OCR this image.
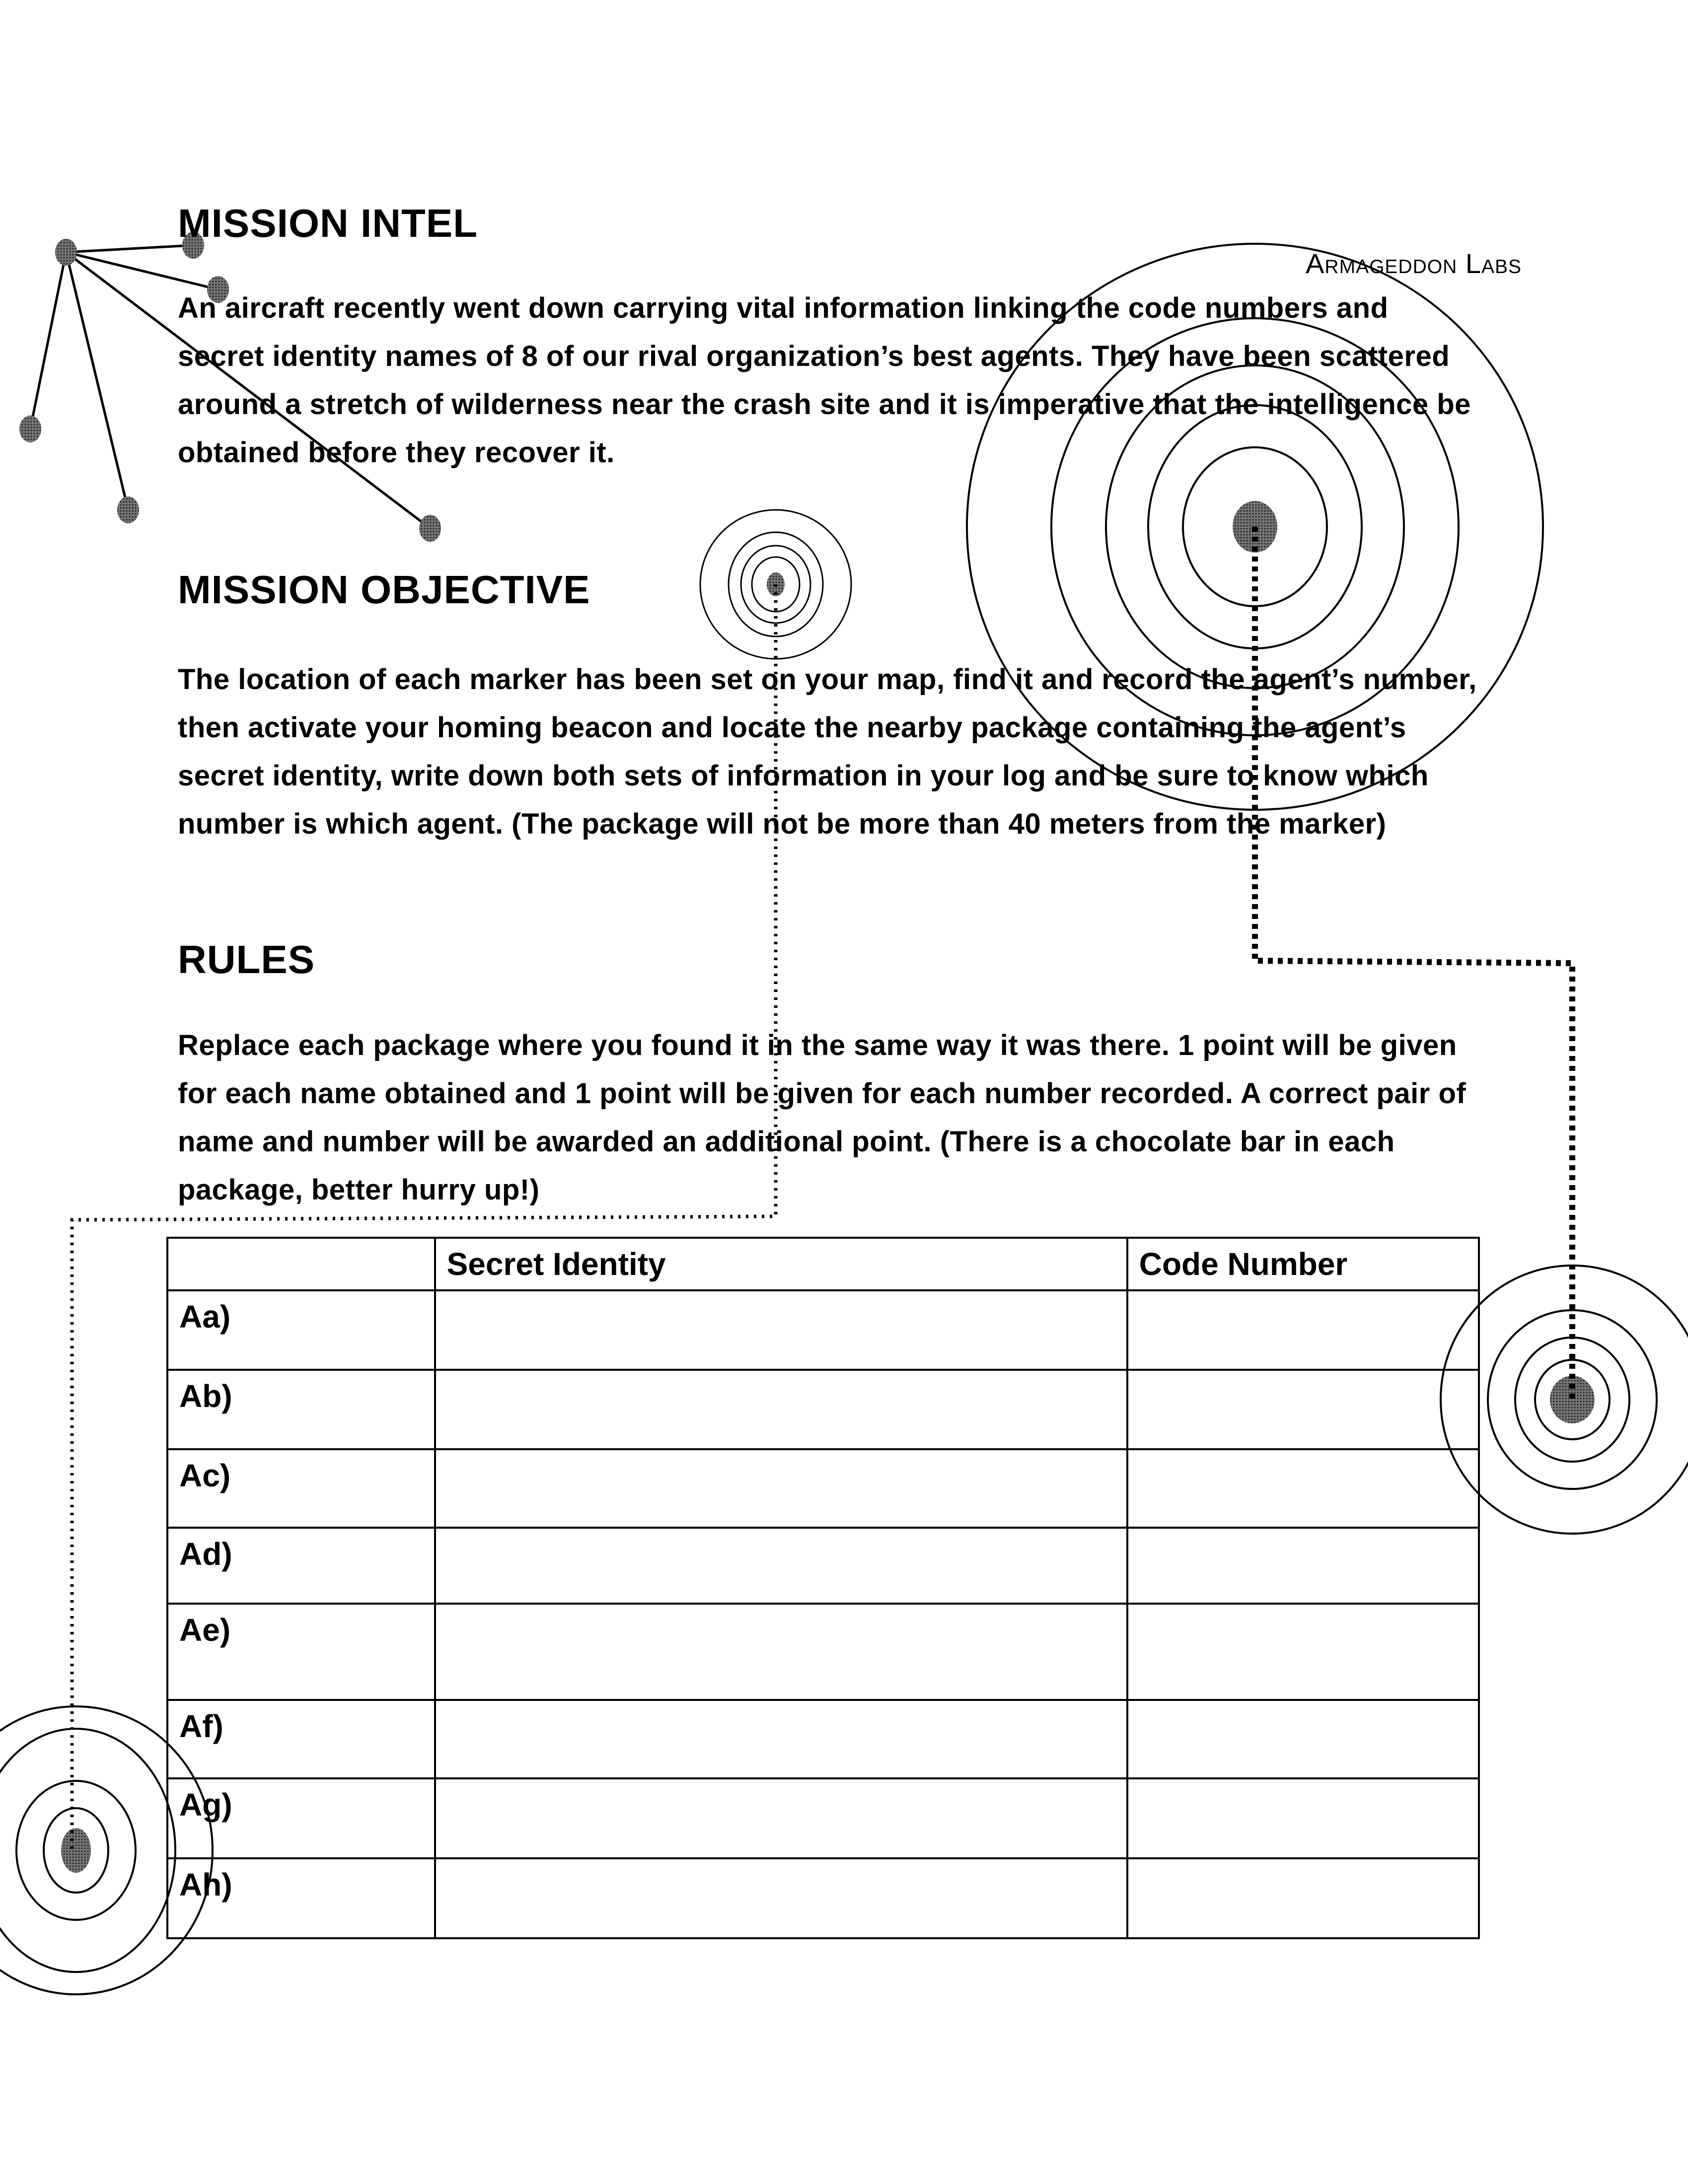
Armageddon Labs
MISSION INTEL

An aircraft recently went down carrying vital information linking the code numbers and secret identity names of 8 of our rival organization’s best agents. They have been scattered around a stretch of wilderness near the crash site and it is imperative that the intelligence be obtained before they recover it.

MISSION OBJECTIVE

The location of each marker has been set on your map, find it and record the agent’s number, then activate your homing beacon and locate the nearby package containing the agent’s secret identity, write down both sets of information in your log and be sure to know which number is which agent. (The package will not be more than 40 meters from the marker)

RULES

Replace each package where you found it in the same way it was there. 1 point will be given for each name obtained and 1 point will be given for each number recorded. A correct pair of name and number will be awarded an additional point. (There is a chocolate bar in each package, better hurry up!)

	Secret Identity	Code Number
Aa)		
Ab)		
Ac)		
Ad)		
Ae)		
Af)		
Ag)		
Ah)		
